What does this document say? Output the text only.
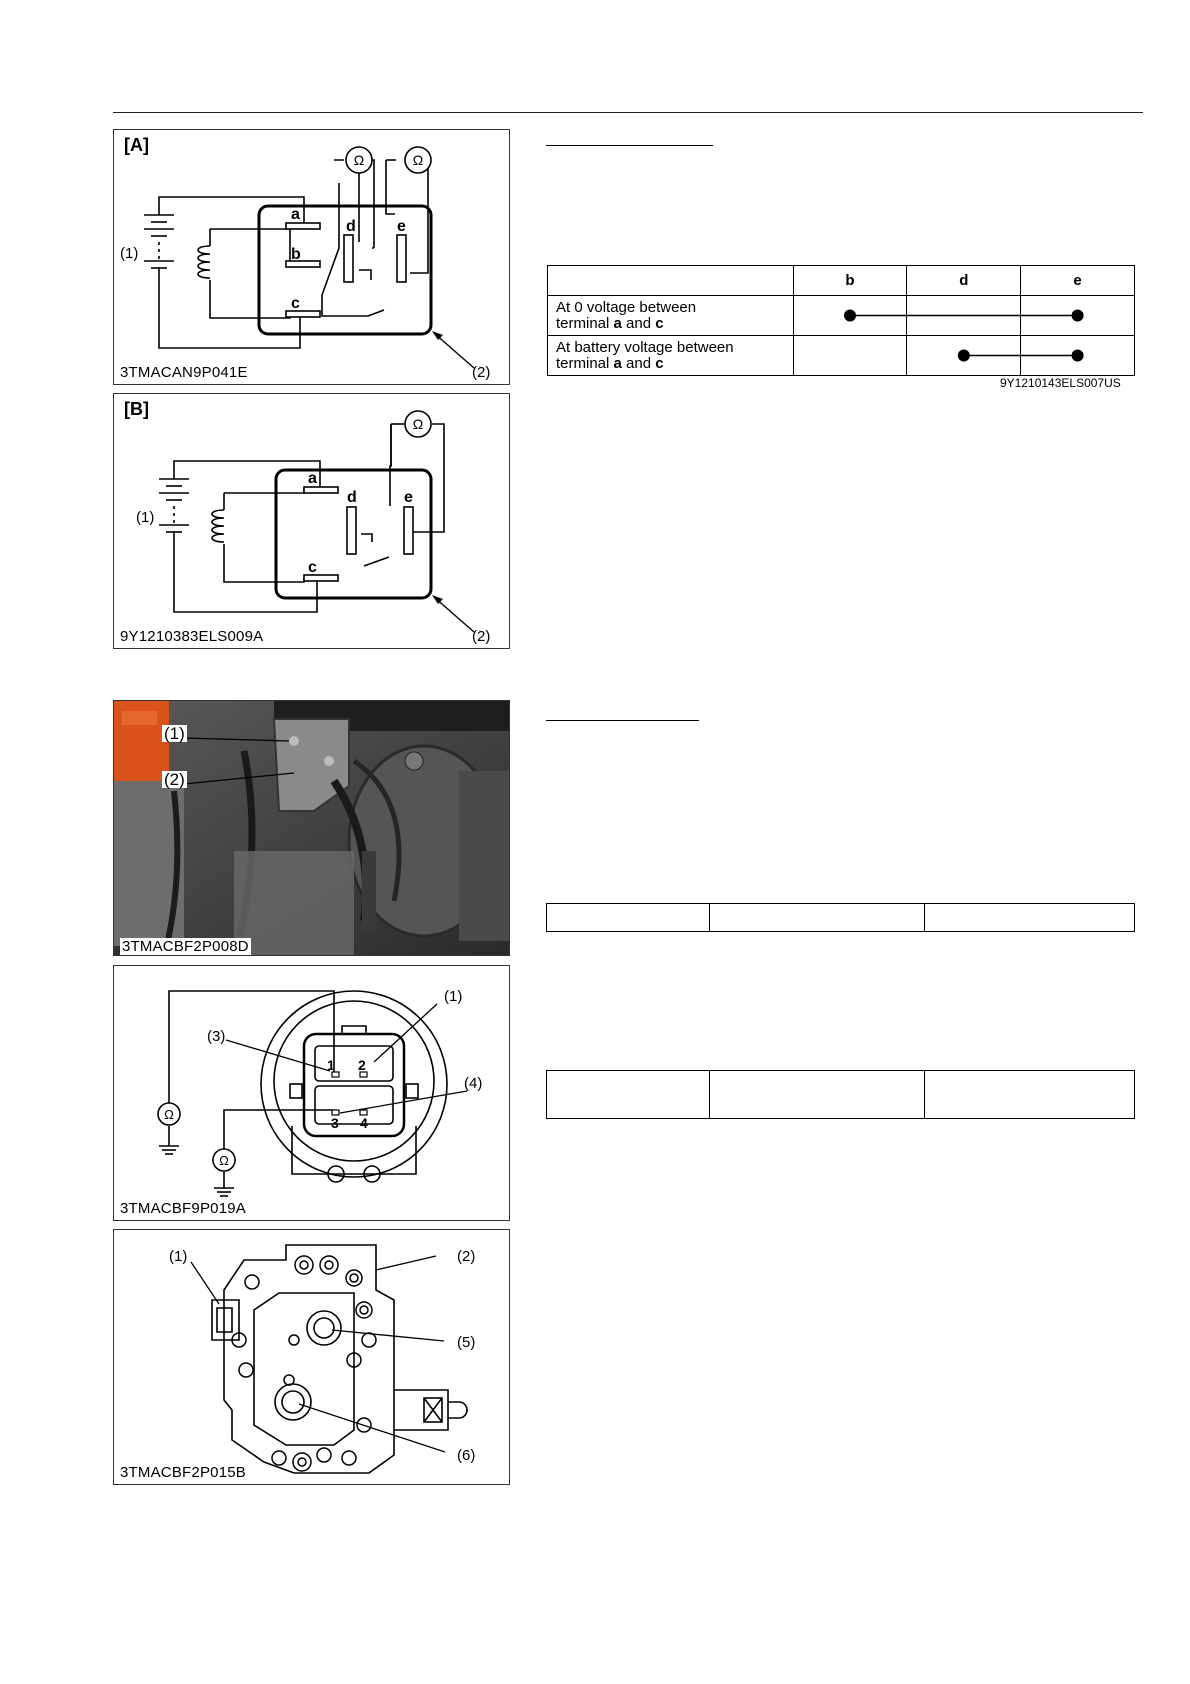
Ω	Ω
a
b
c
d	e
(1)
(2)
[A]
3TMACAN9P041E
Ω
a
c
d	e
(1)
(2)
[B]
9Y1210383ELS009A
	b	d	e

At 0 voltage between
terminal a and c			

At battery voltage between
terminal a and c			

9Y1210143ELS007US
(1)
(2)
3TMACBF2P008D

Ω
Ω
1 2
3 4
(3)
(1)
(4)
3TMACBF9P019A
(1)	(2)
(5)
(6)
3TMACBF2P015B
